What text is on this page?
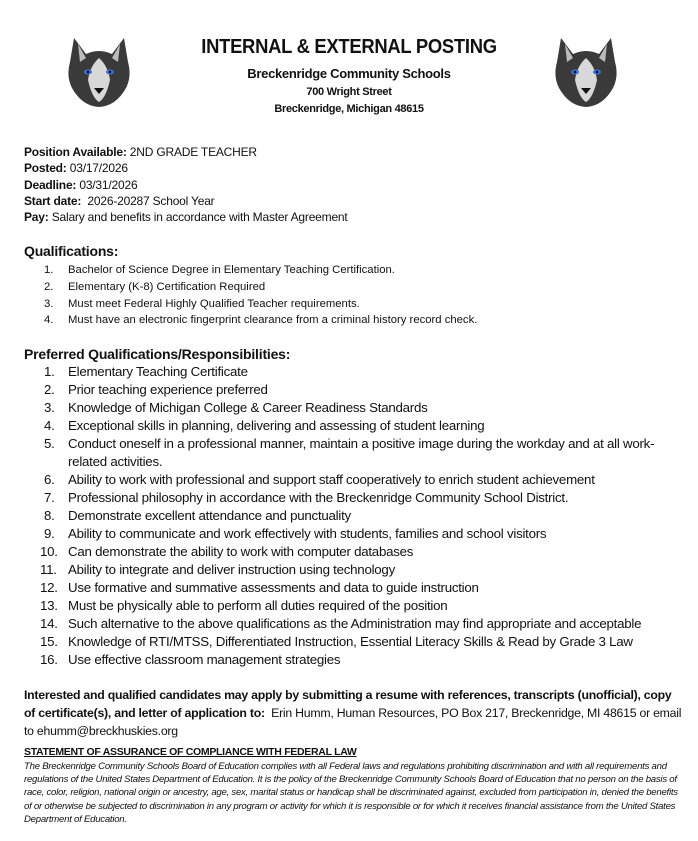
INTERNAL & EXTERNAL POSTING
Breckenridge Community Schools
700 Wright Street
Breckenridge, Michigan 48615
Position Available: 2ND GRADE TEACHER
Posted: 03/17/2026
Deadline: 03/31/2026
Start date:  2026-20287 School Year
Pay: Salary and benefits in accordance with Master Agreement
Qualifications:
1. Bachelor of Science Degree in Elementary Teaching Certification.
2. Elementary (K-8) Certification Required
3. Must meet Federal Highly Qualified Teacher requirements.
4. Must have an electronic fingerprint clearance from a criminal history record check.
Preferred Qualifications/Responsibilities:
1.	Elementary Teaching Certificate
2.	Prior teaching experience preferred
3.	Knowledge of Michigan College & Career Readiness Standards
4.	Exceptional skills in planning, delivering and assessing of student learning
5.	Conduct oneself in a professional manner, maintain a positive image during the workday and at all work-related activities.
6.	Ability to work with professional and support staff cooperatively to enrich student achievement
7.	Professional philosophy in accordance with the Breckenridge Community School District.
8.	Demonstrate excellent attendance and punctuality
9.	Ability to communicate and work effectively with students, families and school visitors
10. Can demonstrate the ability to work with computer databases
11. Ability to integrate and deliver instruction using technology
12. Use formative and summative assessments and data to guide instruction
13. Must be physically able to perform all duties required of the position
14. Such alternative to the above qualifications as the Administration may find appropriate and acceptable
15. Knowledge of RTI/MTSS, Differentiated Instruction, Essential Literacy Skills & Read by Grade 3 Law
16. Use effective classroom management strategies
Interested and qualified candidates may apply by submitting a resume with references, transcripts (unofficial), copy of certificate(s), and letter of application to:  Erin Humm, Human Resources, PO Box 217, Breckenridge, MI 48615 or email to ehumm@breckhuskies.org
STATEMENT OF ASSURANCE OF COMPLIANCE WITH FEDERAL LAW
The Breckenridge Community Schools Board of Education complies with all Federal laws and regulations prohibiting discrimination and with all requirements and regulations of the United States Department of Education. It is the policy of the Breckenridge Community Schools Board of Education that no person on the basis of race, color, religion, national origin or ancestry, age, sex, marital status or handicap shall be discriminated against, excluded from participation in, denied the benefits of or otherwise be subjected to discrimination in any program or activity for which it is responsible or for which it receives financial assistance from the United States Department of Education.
